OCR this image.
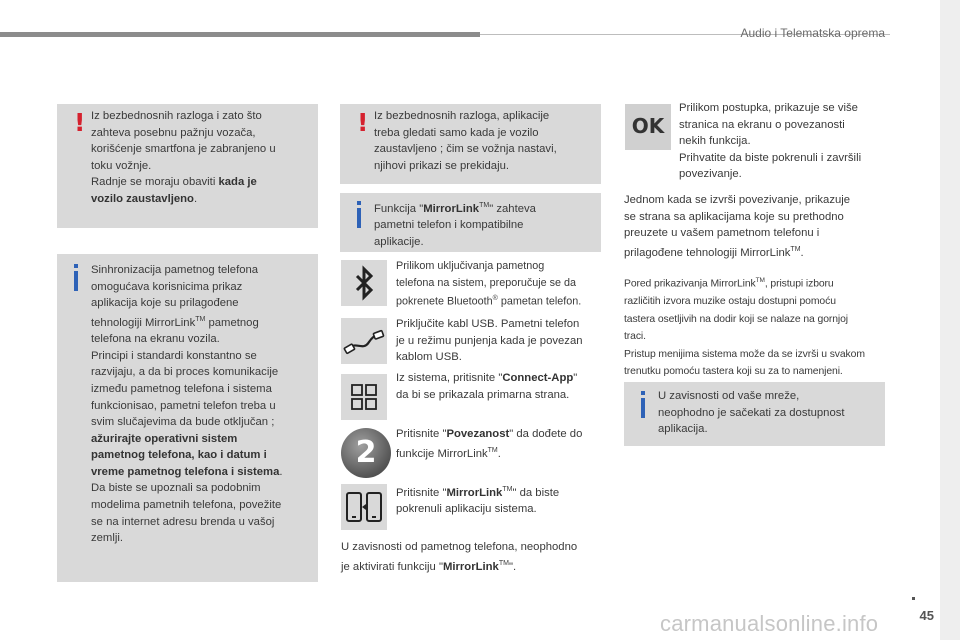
Audio i Telematska oprema
! Iz bezbednosnih razloga i zato što
zahteva posebnu pažnju vozača,
korišćenje smartfona je zabranjeno u
toku vožnje.
Radnje se moraju obaviti kada je
vozilo zaustavljeno.
Sinhronizacija pametnog telefona
omogućava korisnicima prikaz
aplikacija koje su prilagođene
tehnologiji MirrorLink™ pametnog
telefona na ekranu vozila.
Principi i standardi konstantno se
razvijaju, a da bi proces komunikacije
između pametnog telefona i sistema
funkcionisao, pametni telefon treba u
svim slučajevima da bude otključan ;
ažurirajte operativni sistem
pametnog telefona, kao i datum i
vreme pametnog telefona i sistema.
Da biste se upoznali sa podobnim
modelima pametnih telefona, povežite
se na internet adresu brenda u vašoj
zemlji.
! Iz bezbednosnih razloga, aplikacije
treba gledati samo kada je vozilo
zaustavljeno ; čim se vožnja nastavi,
njihovi prikazi se prekidaju.
Funkcija "MirrorLink™" zahteva
pametni telefon i kompatibilne
aplikacije.
Prilikom uključivanja pametnog
telefona na sistem, preporučuje se da
pokrenete Bluetooth® pametan telefon.
Priključite kabl USB. Pametni telefon
je u režimu punjenja kada je povezan
kablom USB.
Iz sistema, pritisnite "Connect-App"
da bi se prikazala primarna strana.
2
Pritisnite "Povezanost" da dođete do
funkcije MirrorLink™.
Pritisnite "MirrorLink™" da biste
pokrenuli aplikaciju sistema.
U zavisnosti od pametnog telefona, neophodno
je aktivirati funkciju "MirrorLink™".
OK
Prilikom postupka, prikazuje se više
stranica na ekranu o povezanosti
nekih funkcija.
Prihvatite da biste pokrenuli i završili
povezivanje.
Jednom kada se izvrši povezivanje, prikazuje
se strana sa aplikacijama koje su prethodno
preuzete u vašem pametnom telefonu i
prilagođene tehnologiji MirrorLink™.
Pored prikazivanja MirrorLink™, pristupi izboru
različitih izvora muzike ostaju dostupni pomoću
tastera osetljivih na dodir koji se nalaze na gornjoj
traci.
Pristup menijima sistema može da se izvrši u svakom
trenutku pomoću tastera koji su za to namenjeni.
U zavisnosti od vaše mreže,
neophodno je sačekati za dostupnost
aplikacija.
45
carmanualsonline.info
